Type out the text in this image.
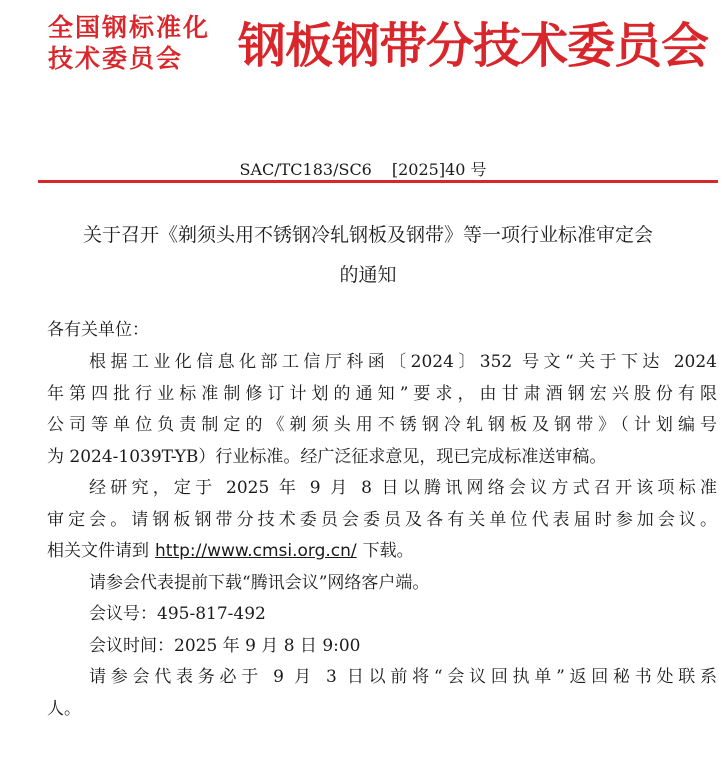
全国钢标准化
技术委员会	钢板钢带分技术委员会
SAC/TC183/SC6 [2025]40 号
关于召开《剃须头用不锈钢冷轧钢板及钢带》等一项行业标准审定会
的通知
各有关单位：
根据工业化信息化部工信厅科函〔2024〕352 号文“关于下达 2024
年第四批行业标准制修订计划的通知”要求，由甘肃酒钢宏兴股份有限
公司等单位负责制定的《剃须头用不锈钢冷轧钢板及钢带》（计划编号
为 2024-1039T-YB）行业标准。经广泛征求意见，现已完成标准送审稿。
经研究，定于 2025 年 9 月 8 日以腾讯网络会议方式召开该项标准
审定会。请钢板钢带分技术委员会委员及各有关单位代表届时参加会议。
相关文件请到 http://www.cmsi.org.cn/ 下载。
请参会代表提前下载“腾讯会议”网络客户端。
会议号：495-817-492
会议时间：2025 年 9 月 8 日 9:00
请参会代表务必于 9 月 3 日以前将“会议回执单”返回秘书处联系
人。
